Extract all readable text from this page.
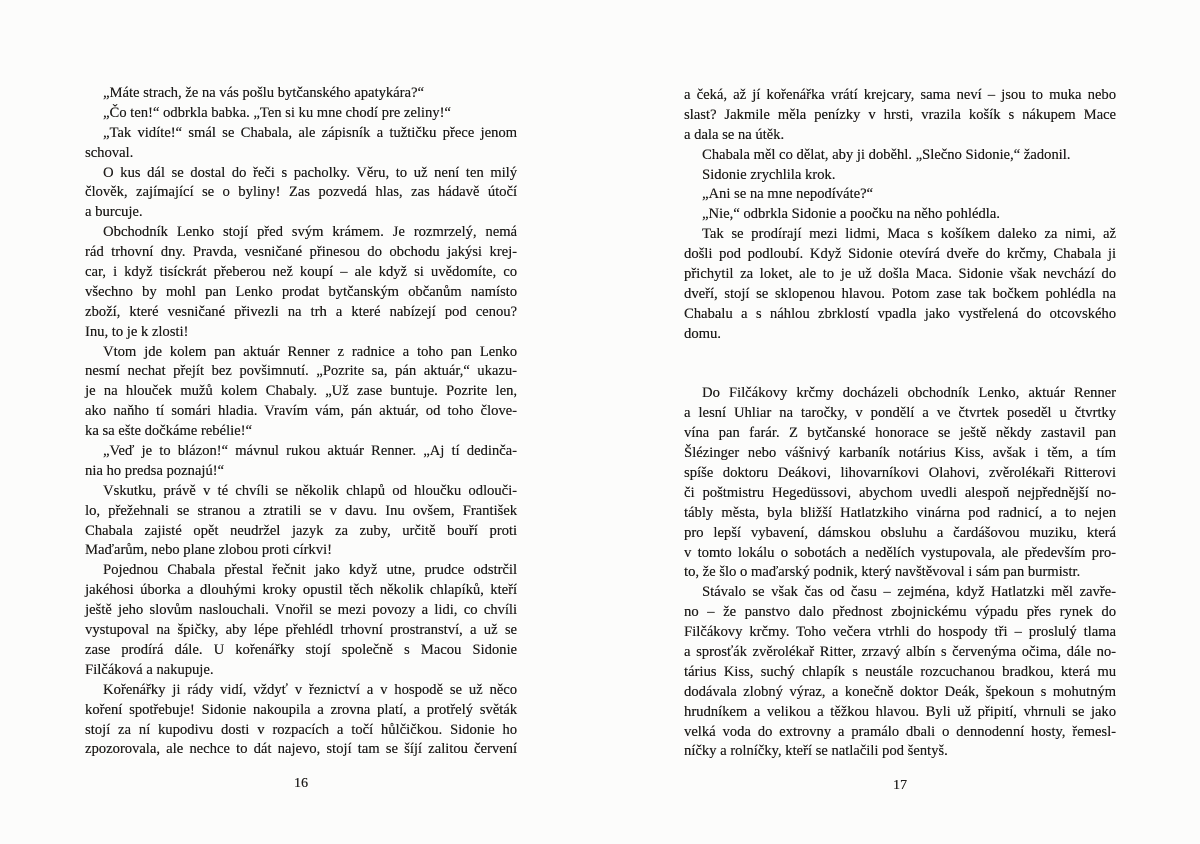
„Máte strach, že na vás pošlu bytčanského apatykára?“
„Čo ten!“ odbrkla babka. „Ten si ku mne chodí pre zeliny!“
„Tak vidíte!“ smál se Chabala, ale zápisník a tužtičku přece jenom
schoval.
O kus dál se dostal do řeči s pacholky. Věru, to už není ten milý
člověk, zajímající se o byliny! Zas pozvedá hlas, zas hádavě útočí
a burcuje.
Obchodník Lenko stojí před svým krámem. Je rozmrzelý, nemá
rád trhovní dny. Pravda, vesničané přinesou do obchodu jakýsi krej-
car, i když tisíckrát přeberou než koupí – ale když si uvědomíte, co
všechno by mohl pan Lenko prodat bytčanským občanům namísto
zboží, které vesničané přivezli na trh a které nabízejí pod cenou?
Inu, to je k zlosti!
Vtom jde kolem pan aktuár Renner z radnice a toho pan Lenko
nesmí nechat přejít bez povšimnutí. „Pozrite sa, pán aktuár,“ ukazu-
je na hlouček mužů kolem Chabaly. „Už zase buntuje. Pozrite len,
ako naňho tí somári hladia. Vravím vám, pán aktuár, od toho člove-
ka sa ešte dočkáme rebélie!“
„Veď je to blázon!“ mávnul rukou aktuár Renner. „Aj tí dedinča-
nia ho predsa poznajú!“
Vskutku, právě v té chvíli se několik chlapů od hloučku odlouči-
lo, přežehnali se stranou a ztratili se v davu. Inu ovšem, František
Chabala zajisté opět neudržel jazyk za zuby, určitě bouří proti
Maďarům, nebo plane zlobou proti církvi!
Pojednou Chabala přestal řečnit jako když utne, prudce odstrčil
jakéhosi úborka a dlouhými kroky opustil těch několik chlapíků, kteří
ještě jeho slovům naslouchali. Vnořil se mezi povozy a lidi, co chvíli
vystupoval na špičky, aby lépe přehlédl trhovní prostranství, a už se
zase prodírá dále. U kořenářky stojí společně s Macou Sidonie
Filčáková a nakupuje.
Kořenářky ji rády vidí, vždyť v řeznictví a v hospodě se už něco
koření spotřebuje! Sidonie nakoupila a zrovna platí, a protřelý světák
stojí za ní kupodivu dosti v rozpacích a točí hůlčičkou. Sidonie ho
zpozorovala, ale nechce to dát najevo, stojí tam se šíjí zalitou červení
16
a čeká, až jí kořenářka vrátí krejcary, sama neví – jsou to muka nebo
slast? Jakmile měla penízky v hrsti, vrazila košík s nákupem Mace
a dala se na útěk.
Chabala měl co dělat, aby ji doběhl. „Slečno Sidonie,“ žadonil.
Sidonie zrychlila krok.
„Ani se na mne nepodíváte?“
„Nie,“ odbrkla Sidonie a poočku na něho pohlédla.
Tak se prodírají mezi lidmi, Maca s košíkem daleko za nimi, až
došli pod podloubí. Když Sidonie otevírá dveře do krčmy, Chabala ji
přichytil za loket, ale to je už došla Maca. Sidonie však nevchází do
dveří, stojí se sklopenou hlavou. Potom zase tak bočkem pohlédla na
Chabalu a s náhlou zbrklostí vpadla jako vystřelená do otcovského
domu.
Do Filčákovy krčmy docházeli obchodník Lenko, aktuár Renner
a lesní Uhliar na taročky, v pondělí a ve čtvrtek poseděl u čtvrtky
vína pan farár. Z bytčanské honorace se ještě někdy zastavil pan
Šlézinger nebo vášnivý karbaník notárius Kiss, avšak i těm, a tím
spíše doktoru Deákovi, lihovarníkovi Olahovi, zvěrolékaři Ritterovi
či poštmistru Hegedüssovi, abychom uvedli alespoň nejpřednější no-
tábly města, byla bližší Hatlatzkiho vinárna pod radnicí, a to nejen
pro lepší vybavení, dámskou obsluhu a čardášovou muziku, která
v tomto lokálu o sobotách a nedělích vystupovala, ale především pro-
to, že šlo o maďarský podnik, který navštěvoval i sám pan burmistr.
Stávalo se však čas od času – zejména, když Hatlatzki měl zavře-
no – že panstvo dalo přednost zbojnickému výpadu přes rynek do
Filčákovy krčmy. Toho večera vtrhli do hospody tři – proslulý tlama
a sprosťák zvěrolékař Ritter, zrzavý albín s červenýma očima, dále no-
tárius Kiss, suchý chlapík s neustále rozcuchanou bradkou, která mu
dodávala zlobný výraz, a konečně doktor Deák, špekoun s mohutným
hrudníkem a velikou a těžkou hlavou. Byli už připití, vhrnuli se jako
velká voda do extrovny a pramálo dbali o dennodenní hosty, řemesl-
níčky a rolníčky, kteří se natlačili pod šentyš.
17
